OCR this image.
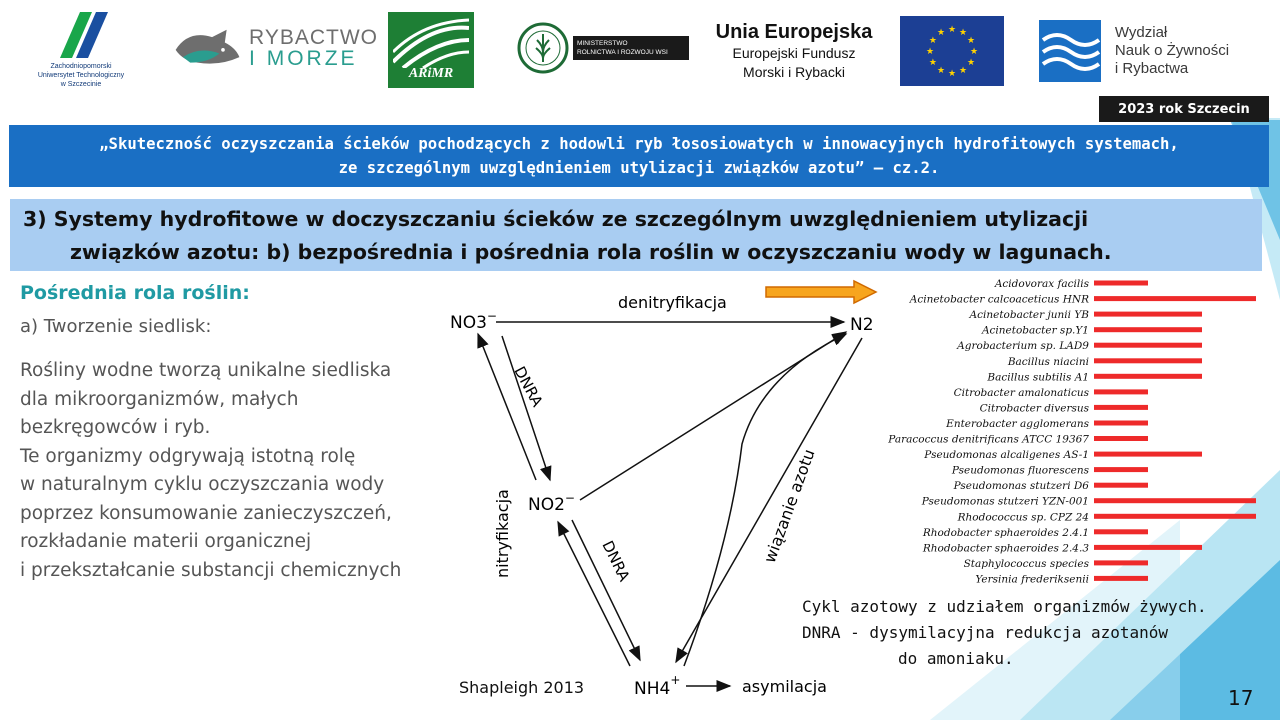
Zachodniopomorski
Uniwersytet Technologiczny
w Szczecinie
RYBACTWO
I MORZE
ARiMR
MINISTERSTWO
ROLNICTWA I ROZWOJU WSI
Unia Europejska
Europejski Fundusz
Morski i Rybacki
★ ★
★
★
★
★
★
★
★
★
★
★	Wydział
Nauk o Żywności
i Rybactwa
2023 rok Szczecin
„Skuteczność oczyszczania ścieków pochodzących z hodowli ryb łososiowatych w innowacyjnych hydrofitowych systemach,
ze szczególnym uwzględnieniem utylizacji związków azotu” – cz.2.
3) Systemy hydrofitowe w doczyszczaniu ścieków ze szczególnym uwzględnieniem utylizacji
związków azotu: b) bezpośrednia i pośrednia rola roślin w oczyszczaniu wody w lagunach.
Pośrednia rola roślin:
a) Tworzenie siedlisk:
Rośliny wodne tworzą unikalne siedliska
dla mikroorganizmów, małych
bezkręgowców i ryb.
Te organizmy odgrywają istotną rolę
w naturalnym cyklu oczyszczania wody
poprzez konsumowanie zanieczyszczeń,
rozkładanie materii organicznej
i przekształcanie substancji chemicznych
NO3−	N2
NO2−
NH4+
denitryfikacja
DNRA
DNRA
nitryfikacja	wiązanie azotu
asymilacja
Acidovorax facilis
Acinetobacter calcoaceticus HNR
Acinetobacter junii YB
Acinetobacter sp.Y1
Agrobacterium sp. LAD9
Bacillus niacini
Bacillus subtilis A1
Citrobacter amalonaticus
Citrobacter diversus
Enterobacter agglomerans
Paracoccus denitrificans ATCC 19367
Pseudomonas alcaligenes AS-1
Pseudomonas fluorescens
Pseudomonas stutzeri D6
Pseudomonas stutzeri YZN-001
Rhodococcus sp. CPZ 24
Rhodobacter sphaeroides 2.4.1
Rhodobacter sphaeroides 2.4.3
Staphylococcus species
Yersinia frederiksenii
Cykl azotowy z udziałem organizmów żywych.
DNRA - dysymilacyjna redukcja azotanów

do amoniaku.
Shapleigh 2013	17
